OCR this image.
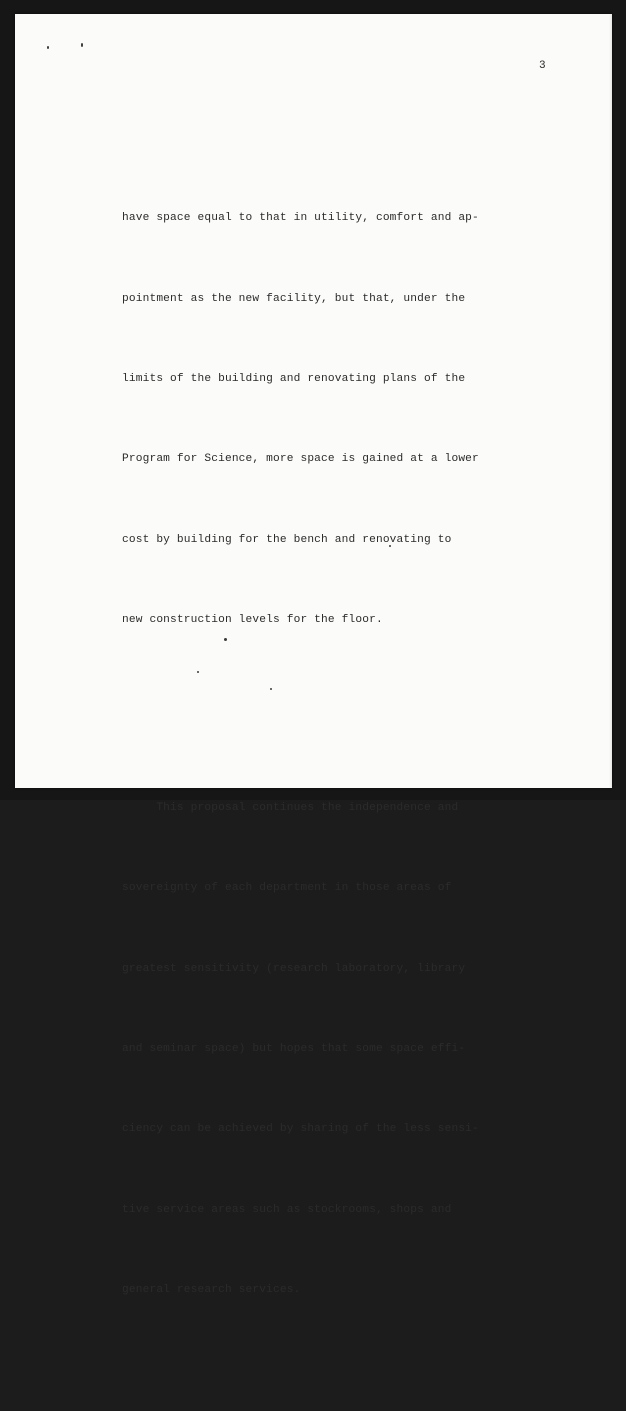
3

have space equal to that in utility, comfort and ap-

pointment as the new facility, but that, under the

limits of the building and renovating plans of the

Program for Science, more space is gained at a lower

cost by building for the bench and renovating to

new construction levels for the floor.

This proposal continues the independence and

sovereignty of each department in those areas of

greatest sensitivity (research laboratory, library

and seminar space) but hopes that some space effi-

ciency can be achieved by sharing of the less sensi-

tive service areas such as stockrooms, shops and

general research services.
